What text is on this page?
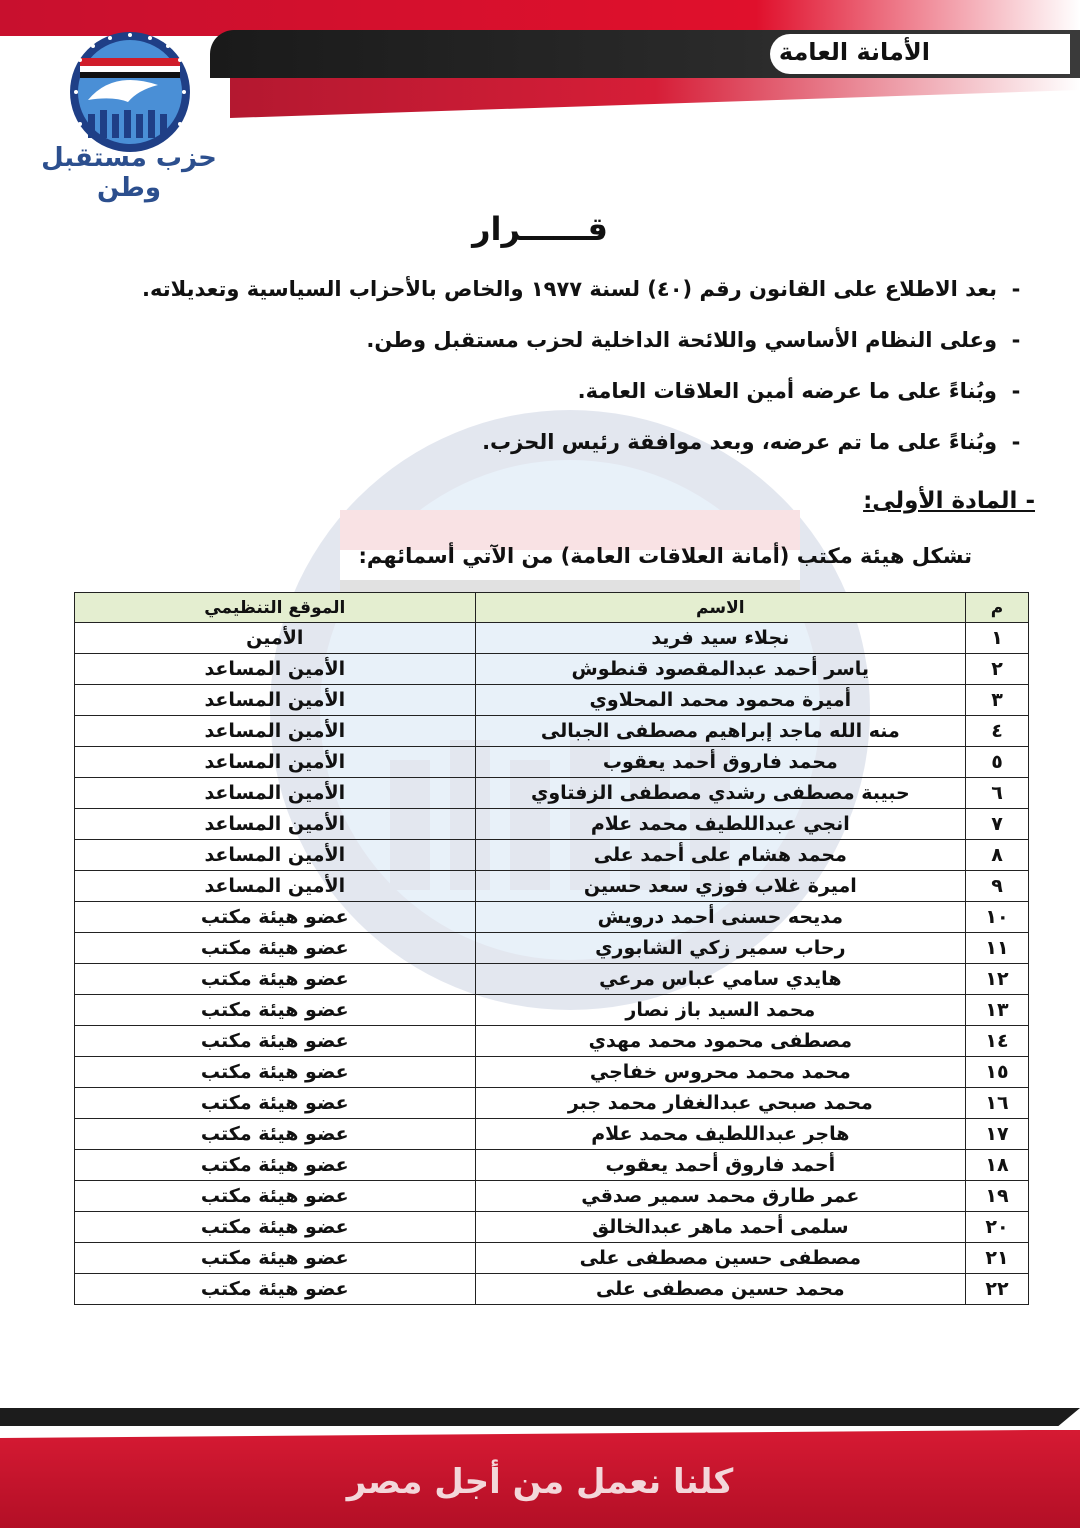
الأمانة العامة
حزب مستقبل وطن
قــــــرار
-
بعد الاطلاع على القانون رقم (٤٠) لسنة ١٩٧٧ والخاص بالأحزاب السياسية وتعديلاته.
-
وعلى النظام الأساسي واللائحة الداخلية لحزب مستقبل وطن.
-
وبُناءً على ما عرضه أمين العلاقات العامة.
-
وبُناءً على ما تم عرضه، وبعد موافقة رئيس الحزب.
- المادة الأولى:
تشكل هيئة مكتب (أمانة العلاقات العامة) من الآتي أسمائهم:
م	الاسم	الموقع التنظيمي
١	نجلاء سيد فريد	الأمين
٢	ياسر أحمد عبدالمقصود قنطوش	الأمين المساعد
٣	أميرة محمود محمد المحلاوي	الأمين المساعد
٤	منه الله ماجد إبراهيم مصطفى الجبالى	الأمين المساعد
٥	محمد فاروق أحمد يعقوب	الأمين المساعد
٦	حبيبة مصطفى رشدي مصطفى الزفتاوي	الأمين المساعد
٧	انجي عبداللطيف محمد علام	الأمين المساعد
٨	محمد هشام على أحمد على	الأمين المساعد
٩	اميرة غلاب فوزي سعد حسين	الأمين المساعد
١٠	مديحه حسنى أحمد درويش	عضو هيئة مكتب
١١	رحاب سمير زكي الشابوري	عضو هيئة مكتب
١٢	هايدي سامي عباس مرعي	عضو هيئة مكتب
١٣	محمد السيد باز نصار	عضو هيئة مكتب
١٤	مصطفى محمود محمد مهدي	عضو هيئة مكتب
١٥	محمد محمد محروس خفاجي	عضو هيئة مكتب
١٦	محمد صبحي عبدالغفار محمد جبر	عضو هيئة مكتب
١٧	هاجر عبداللطيف محمد علام	عضو هيئة مكتب
١٨	أحمد فاروق أحمد يعقوب	عضو هيئة مكتب
١٩	عمر طارق محمد سمير صدقي	عضو هيئة مكتب
٢٠	سلمى أحمد ماهر عبدالخالق	عضو هيئة مكتب
٢١	مصطفى حسين مصطفى على	عضو هيئة مكتب
٢٢	محمد حسين مصطفى على	عضو هيئة مكتب
كلنا نعمل من أجل مصر
